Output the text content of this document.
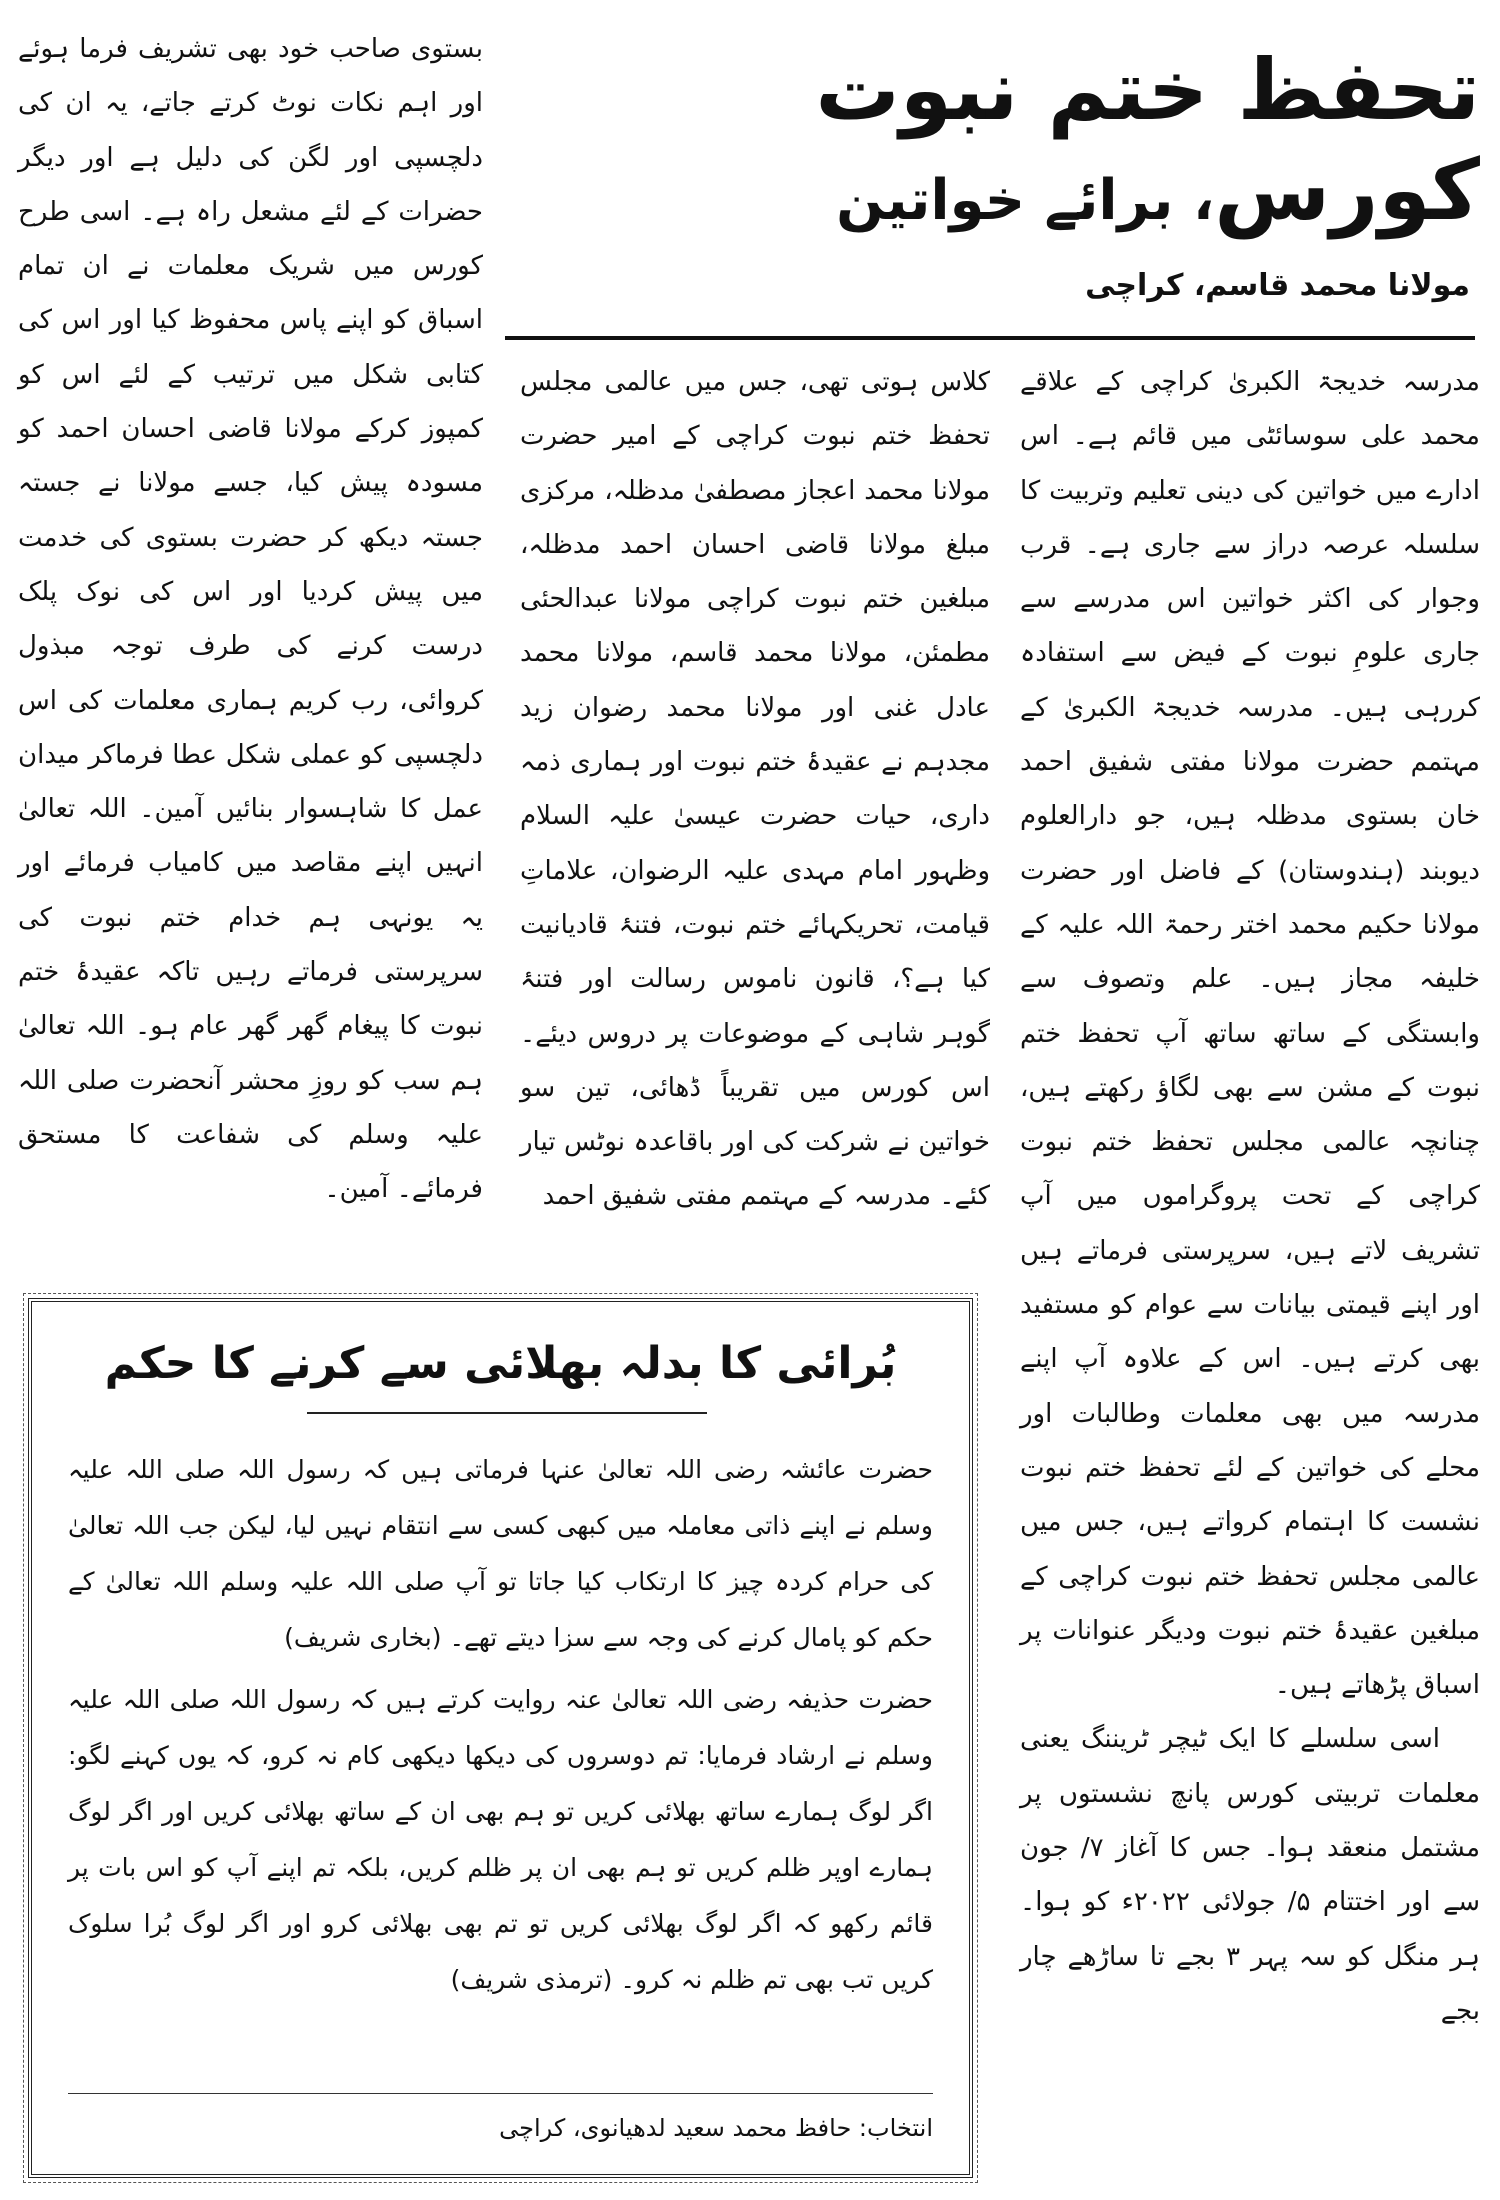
تحفظ ختم نبوت کورس، برائے خواتین
مولانا محمد قاسم، کراچی

مدرسہ خدیجۃ الکبریٰ کراچی کے علاقے محمد علی سوسائٹی میں قائم ہے۔ اس ادارے میں خواتین کی دینی تعلیم وتربیت کا سلسلہ عرصہ دراز سے جاری ہے۔ قرب وجوار کی اکثر خواتین اس مدرسے سے جاری علومِ نبوت کے فیض سے استفادہ کررہی ہیں۔ مدرسہ خدیجۃ الکبریٰ کے مہتمم حضرت مولانا مفتی شفیق احمد خان بستوی مدظلہ ہیں، جو دارالعلوم دیوبند (ہندوستان) کے فاضل اور حضرت مولانا حکیم محمد اختر رحمۃ اللہ علیہ کے خلیفہ مجاز ہیں۔ علم وتصوف سے وابستگی کے ساتھ ساتھ آپ تحفظ ختم نبوت کے مشن سے بھی لگاؤ رکھتے ہیں، چنانچہ عالمی مجلس تحفظ ختم نبوت کراچی کے تحت پروگراموں میں آپ تشریف لاتے ہیں، سرپرستی فرماتے ہیں اور اپنے قیمتی بیانات سے عوام کو مستفید بھی کرتے ہیں۔ اس کے علاوہ آپ اپنے مدرسہ میں بھی معلمات وطالبات اور محلے کی خواتین کے لئے تحفظ ختم نبوت نشست کا اہتمام کرواتے ہیں، جس میں عالمی مجلس تحفظ ختم نبوت کراچی کے مبلغین عقیدۂ ختم نبوت ودیگر عنوانات پر اسباق پڑھاتے ہیں۔

اسی سلسلے کا ایک ٹیچر ٹریننگ یعنی معلمات تربیتی کورس پانچ نشستوں پر مشتمل منعقد ہوا۔ جس کا آغاز ۷/ جون سے اور اختتام ۵/ جولائی ۲۰۲۲ء کو ہوا۔ ہر منگل کو سہ پہر ۳ بجے تا ساڑھے چار بجے

کلاس ہوتی تھی، جس میں عالمی مجلس تحفظ ختم نبوت کراچی کے امیر حضرت مولانا محمد اعجاز مصطفیٰ مدظلہ، مرکزی مبلغ مولانا قاضی احسان احمد مدظلہ، مبلغین ختم نبوت کراچی مولانا عبدالحئی مطمئن، مولانا محمد قاسم، مولانا محمد عادل غنی اور مولانا محمد رضوان زید مجدہم نے عقیدۂ ختم نبوت اور ہماری ذمہ داری، حیات حضرت عیسیٰ علیہ السلام وظہور امام مہدی علیہ الرضوان، علاماتِ قیامت، تحریکہائے ختم نبوت، فتنۂ قادیانیت کیا ہے؟، قانون ناموس رسالت اور فتنۂ گوہر شاہی کے موضوعات پر دروس دیئے۔ اس کورس میں تقریباً ڈھائی، تین سو خواتین نے شرکت کی اور باقاعدہ نوٹس تیار کئے۔ مدرسہ کے مہتمم مفتی شفیق احمد

بستوی صاحب خود بھی تشریف فرما ہوئے اور اہم نکات نوٹ کرتے جاتے، یہ ان کی دلچسپی اور لگن کی دلیل ہے اور دیگر حضرات کے لئے مشعل راہ ہے۔ اسی طرح کورس میں شریک معلمات نے ان تمام اسباق کو اپنے پاس محفوظ کیا اور اس کی کتابی شکل میں ترتیب کے لئے اس کو کمپوز کرکے مولانا قاضی احسان احمد کو مسودہ پیش کیا، جسے مولانا نے جستہ جستہ دیکھ کر حضرت بستوی کی خدمت میں پیش کردیا اور اس کی نوک پلک درست کرنے کی طرف توجہ مبذول کروائی، رب کریم ہماری معلمات کی اس دلچسپی کو عملی شکل عطا فرماکر میدان عمل کا شاہسوار بنائیں آمین۔ اللہ تعالیٰ انہیں اپنے مقاصد میں کامیاب فرمائے اور یہ یونہی ہم خدام ختم نبوت کی سرپرستی فرماتے رہیں تاکہ عقیدۂ ختم نبوت کا پیغام گھر گھر عام ہو۔ اللہ تعالیٰ ہم سب کو روزِ محشر آنحضرت صلی اللہ علیہ وسلم کی شفاعت کا مستحق فرمائے۔ آمین۔

بُرائی کا بدلہ بھلائی سے کرنے کا حکم

حضرت عائشہ رضی اللہ تعالیٰ عنہا فرماتی ہیں کہ رسول اللہ صلی اللہ علیہ وسلم نے اپنے ذاتی معاملہ میں کبھی کسی سے انتقام نہیں لیا، لیکن جب اللہ تعالیٰ کی حرام کردہ چیز کا ارتکاب کیا جاتا تو آپ صلی اللہ علیہ وسلم اللہ تعالیٰ کے حکم کو پامال کرنے کی وجہ سے سزا دیتے تھے۔ (بخاری شریف)

حضرت حذیفہ رضی اللہ تعالیٰ عنہ روایت کرتے ہیں کہ رسول اللہ صلی اللہ علیہ وسلم نے ارشاد فرمایا: تم دوسروں کی دیکھا دیکھی کام نہ کرو، کہ یوں کہنے لگو: اگر لوگ ہمارے ساتھ بھلائی کریں تو ہم بھی ان کے ساتھ بھلائی کریں اور اگر لوگ ہمارے اوپر ظلم کریں تو ہم بھی ان پر ظلم کریں، بلکہ تم اپنے آپ کو اس بات پر قائم رکھو کہ اگر لوگ بھلائی کریں تو تم بھی بھلائی کرو اور اگر لوگ بُرا سلوک کریں تب بھی تم ظلم نہ کرو۔ (ترمذی شریف)

انتخاب: حافظ محمد سعید لدھیانوی، کراچی
